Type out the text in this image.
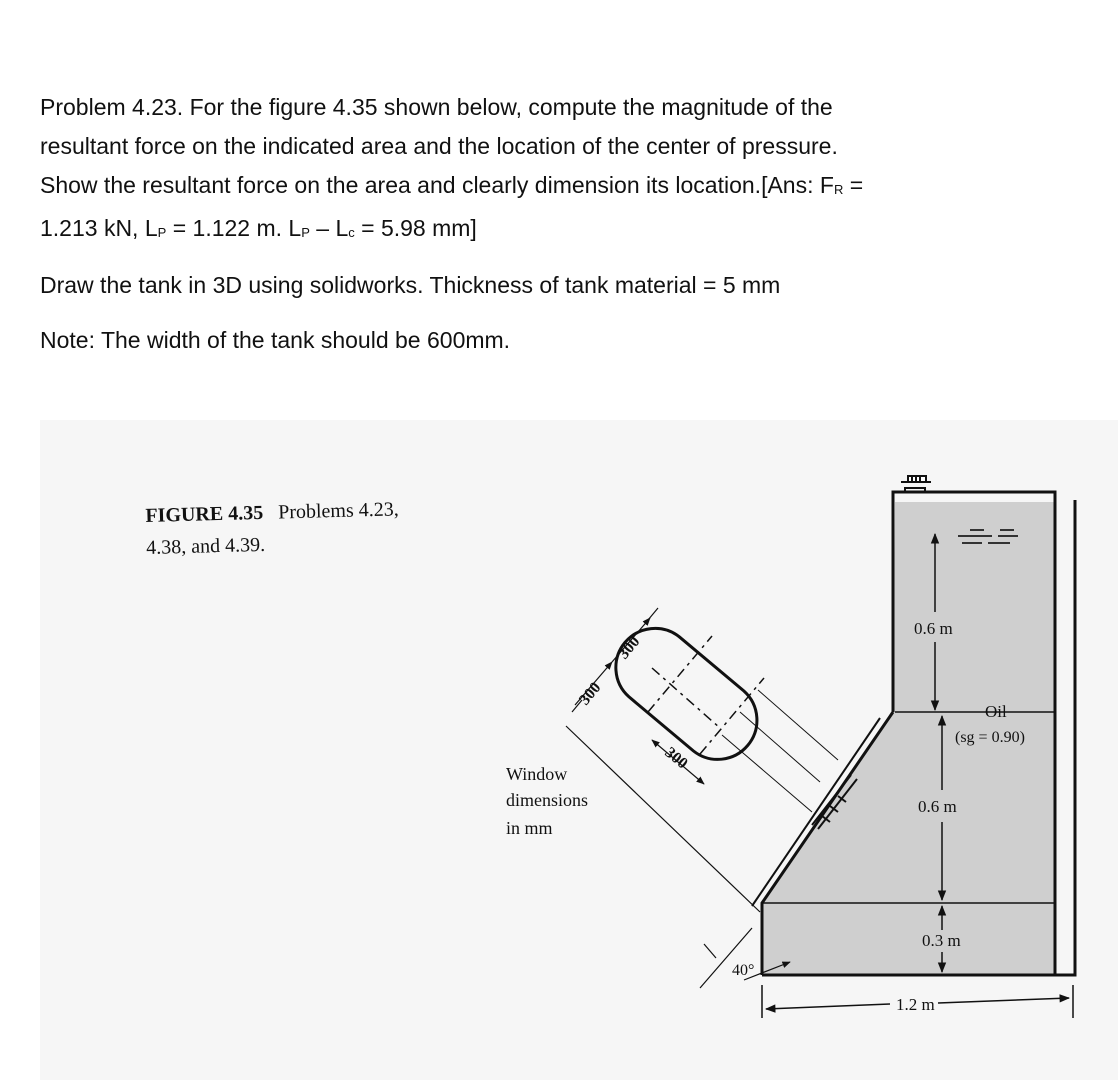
Problem 4.23. For the figure 4.35 shown below, compute the magnitude of the
resultant force on the indicated area and the location of the center of pressure.
Show the resultant force on the area and clearly dimension its location.[Ans: $F_R$ =
1.213 kN, $L_P = 1.122$ m. $L_P - L_c = 5.98$ mm]

Draw the tank in 3D using solidworks. Thickness of tank material = 5 mm

Note: The width of the tank should be 600mm.

FIGURE 4.35 Problems 4.23,
4.38, and 4.39.
Window
dimensions
in mm
300
300
300
0.6 m
0.6 m
0.3 m
Oil
(sg = 0.90)
40°
1.2 m
